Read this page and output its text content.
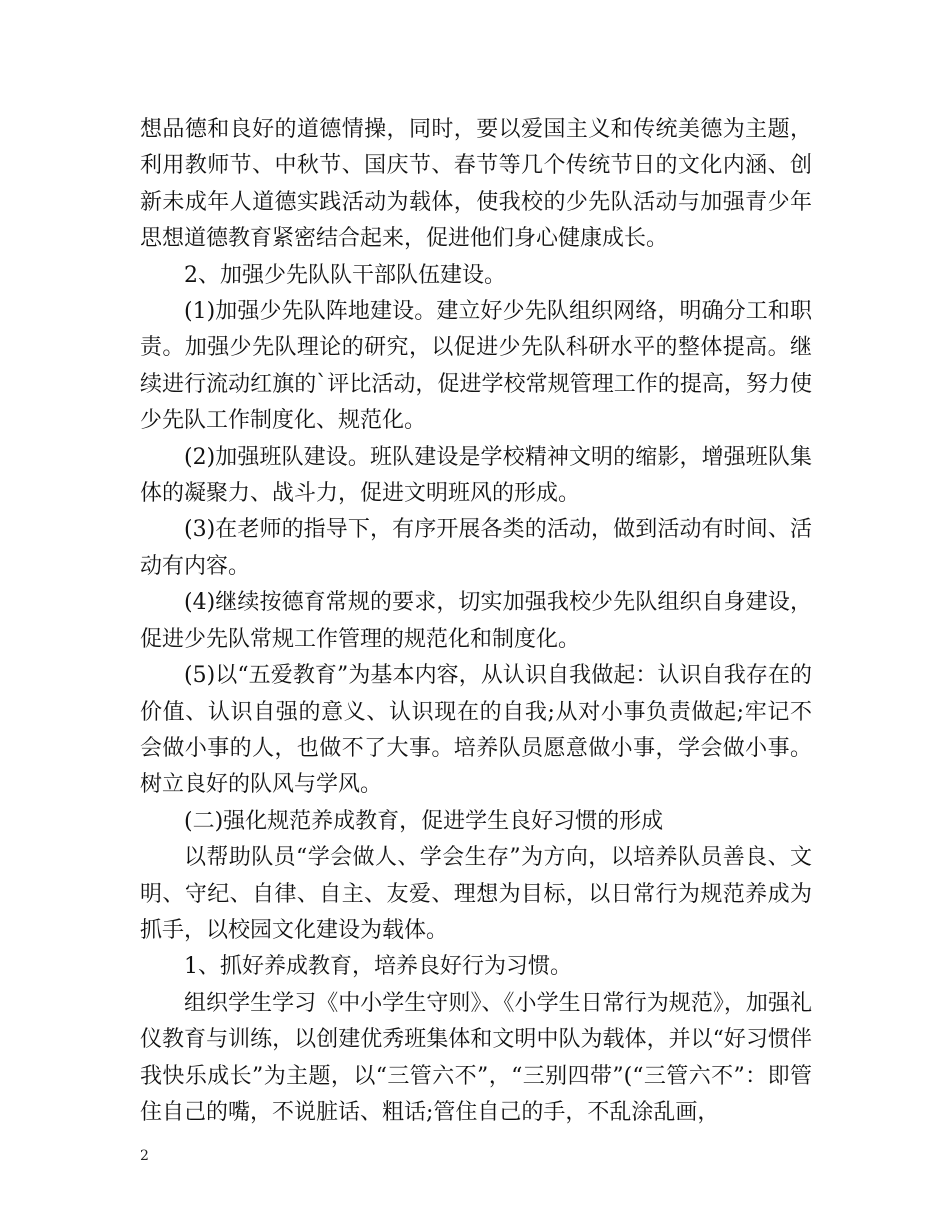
想品德和良好的道德情操，同时，要以爱国主义和传统美德为主题，利用教师节、中秋节、国庆节、春节等几个传统节日的文化内涵、创新未成年人道德实践活动为载体，使我校的少先队活动与加强青少年思想道德教育紧密结合起来，促进他们身心健康成长。

2、加强少先队队干部队伍建设。

(1)加强少先队阵地建设。建立好少先队组织网络，明确分工和职责。加强少先队理论的研究，以促进少先队科研水平的整体提高。继续进行流动红旗的`评比活动，促进学校常规管理工作的提高，努力使少先队工作制度化、规范化。

(2)加强班队建设。班队建设是学校精神文明的缩影，增强班队集体的凝聚力、战斗力，促进文明班风的形成。

(3)在老师的指导下，有序开展各类的活动，做到活动有时间、活动有内容。

(4)继续按德育常规的要求，切实加强我校少先队组织自身建设，促进少先队常规工作管理的规范化和制度化。

(5)以“五爱教育”为基本内容，从认识自我做起：认识自我存在的价值、认识自强的意义、认识现在的自我;从对小事负责做起;牢记不会做小事的人，也做不了大事。培养队员愿意做小事，学会做小事。树立良好的队风与学风。

(二)强化规范养成教育，促进学生良好习惯的形成

以帮助队员“学会做人、学会生存”为方向，以培养队员善良、文明、守纪、自律、自主、友爱、理想为目标，以日常行为规范养成为抓手，以校园文化建设为载体。

1、抓好养成教育，培养良好行为习惯。

组织学生学习《中小学生守则》、《小学生日常行为规范》，加强礼仪教育与训练，以创建优秀班集体和文明中队为载体，并以“好习惯伴我快乐成长”为主题，以“三管六不”，“三别四带”(“三管六不”：即管住自己的嘴，不说脏话、粗话;管住自己的手，不乱涂乱画，

2
